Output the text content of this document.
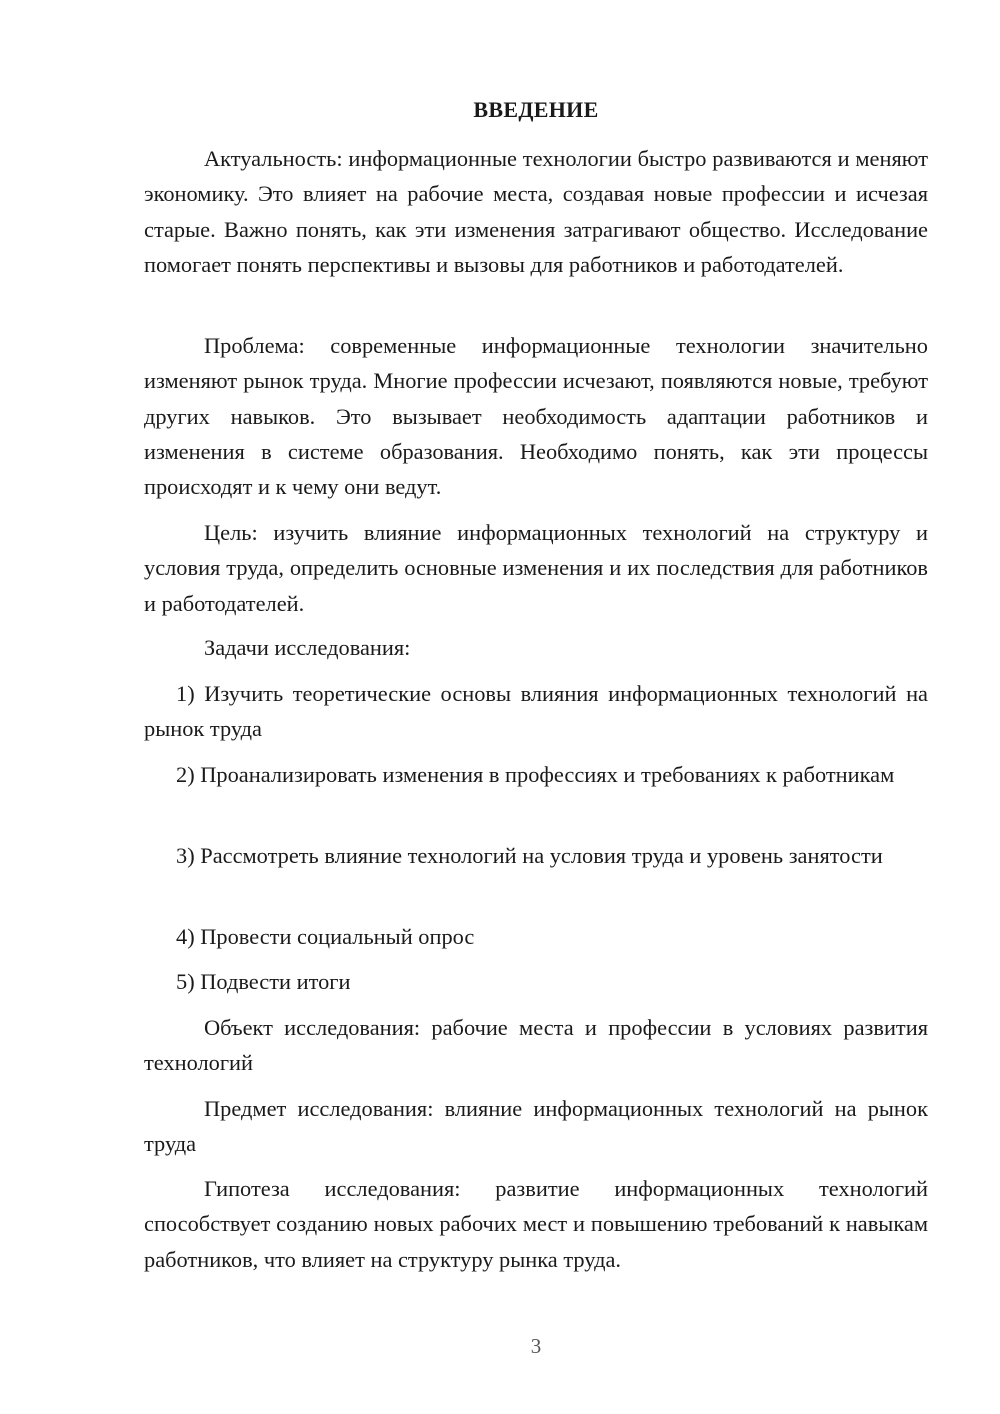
ВВЕДЕНИЕ

Актуальность: информационные технологии быстро развиваются и меняют экономику. Это влияет на рабочие места, создавая новые профессии и исчезая старые. Важно понять, как эти изменения затрагивают общество. Исследование помогает понять перспективы и вызовы для работников и работодателей.

Проблема: современные информационные технологии значительно изменяют рынок труда. Многие профессии исчезают, появляются новые, требуют других навыков. Это вызывает необходимость адаптации работников и изменения в системе образования. Необходимо понять, как эти процессы происходят и к чему они ведут.

Цель: изучить влияние информационных технологий на структуру и условия труда, определить основные изменения и их последствия для работников и работодателей.

Задачи исследования:

1) Изучить теоретические основы влияния информационных технологий на рынок труда

2) Проанализировать изменения в профессиях и требованиях к работникам

3) Рассмотреть влияние технологий на условия труда и уровень занятости

4) Провести социальный опрос

5) Подвести итоги

Объект исследования: рабочие места и профессии в условиях развития технологий

Предмет исследования: влияние информационных технологий на рынок труда

Гипотеза исследования: развитие информационных технологий способствует созданию новых рабочих мест и повышению требований к навыкам работников, что влияет на структуру рынка труда.

3
